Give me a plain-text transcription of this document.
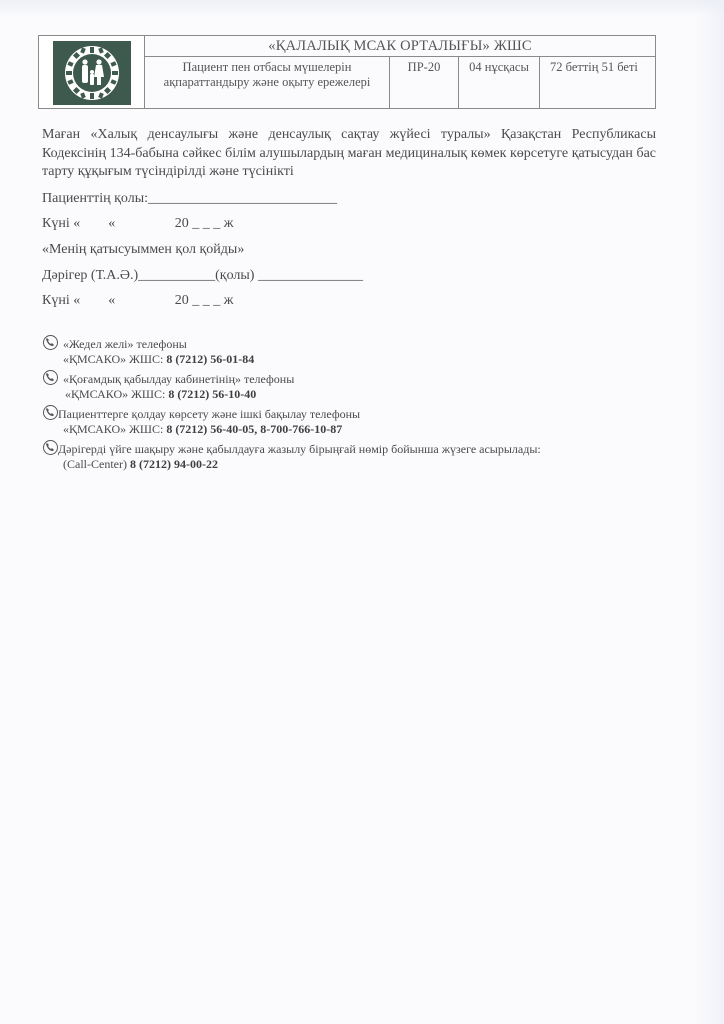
	«ҚАЛАЛЫҚ МСАК ОРТАЛЫҒЫ» ЖШС			
	Пациент пен отбасы мүшелерін ақпараттандыру және оқыту ережелері	ПР-20	04 нұсқасы	72 беттің 51 беті
Маған «Халық денсаулығы және денсаулық сақтау жүйесі туралы» Қазақстан Республикасы Кодексінің 134-бабына сәйкес білім алушылардың маған медициналық көмек көрсетуге қатысудан бас тарту құқығым түсіндірілді және түсінікті
Пациенттің қолы:___________________________
Күні «        «                 20 _ _ _ ж
«Менің қатысуыммен қол қойды»
Дәрігер (Т.А.Ә.)___________(қолы) _______________
Күні «        «                 20 _ _ _ ж
«Жедел желі» телефоны
«ҚМСАКО» ЖШС: 8 (7212) 56-01-84
«Қоғамдық қабылдау кабинетінің» телефоны
«ҚМСАКО» ЖШС: 8 (7212) 56-10-40
Пациенттерге қолдау көрсету және ішкі бақылау телефоны
«ҚМСАКО» ЖШС: 8 (7212) 56-40-05, 8-700-766-10-87
Дәрігерді үйге шақыру және қабылдауға жазылу бірыңғай нөмір бойынша жүзеге асырылады:
(Call-Center) 8 (7212) 94-00-22
